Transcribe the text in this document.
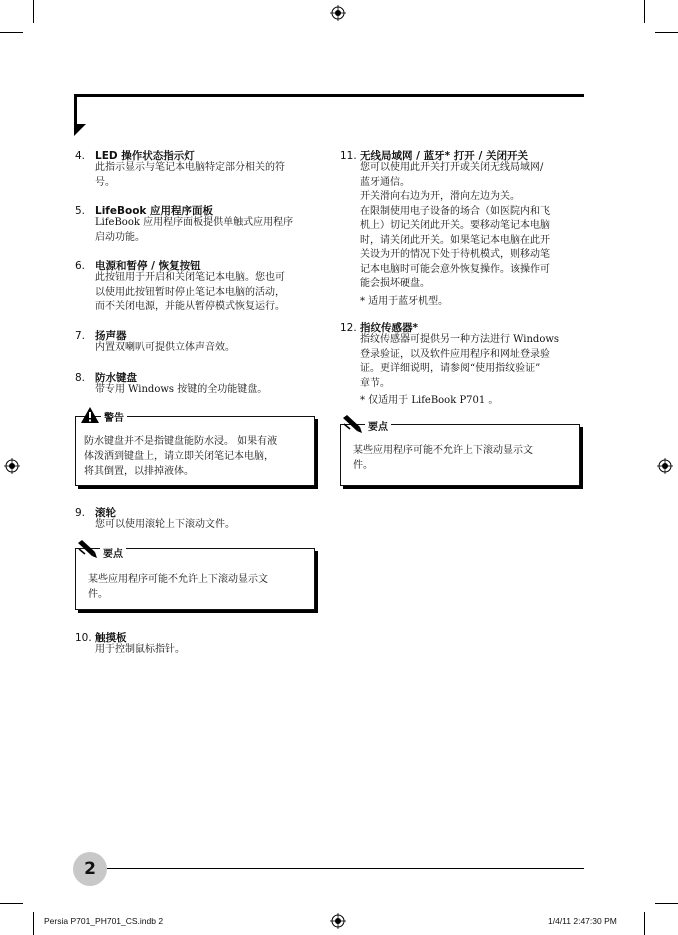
4. LED 操作状态指示灯

此指示显示与笔记本电脑特定部分相关的符

号。

5. LifeBook 应用程序面板

LifeBook 应用程序面板提供单触式应用程序

启动功能。

6. 电源和暂停 / 恢复按钮

此按钮用于开启和关闭笔记本电脑。您也可

以使用此按钮暂时停止笔记本电脑的活动，

而不关闭电源，并能从暂停模式恢复运行。

7. 扬声器

内置双喇叭可提供立体声音效。

8. 防水键盘

带专用 Windows 按键的全功能键盘。

防水键盘并不是指键盘能防水浸。 如果有液

体泼洒到键盘上，请立即关闭笔记本电脑，

将其倒置，以排掉液体。

警告
9. 滚轮

您可以使用滚轮上下滚动文件。

某些应用程序可能不允许上下滚动显示文

件。

要点
10. 触摸板

用于控制鼠标指针。

11. 无线局域网 / 蓝牙* 打开 / 关闭开关

您可以使用此开关打开或关闭无线局域网/

蓝牙通信。

开关滑向右边为开，滑向左边为关。

在限制使用电子设备的场合（如医院内和飞

机上）切记关闭此开关。要移动笔记本电脑

时，请关闭此开关。如果笔记本电脑在此开

关设为开的情况下处于待机模式，则移动笔

记本电脑时可能会意外恢复操作。该操作可

能会损坏硬盘。

* 适用于蓝牙机型。

12. 指纹传感器*

指纹传感器可提供另一种方法进行 Windows

登录验证，以及软件应用程序和网址登录验

证。更详细说明，请参阅“使用指纹验证”

章节。

* 仅适用于 LifeBook P701 。

某些应用程序可能不允许上下滚动显示文

件。

要点
2
Persia P701_PH701_CS.indb 2	1/4/11 2:47:30 PM
